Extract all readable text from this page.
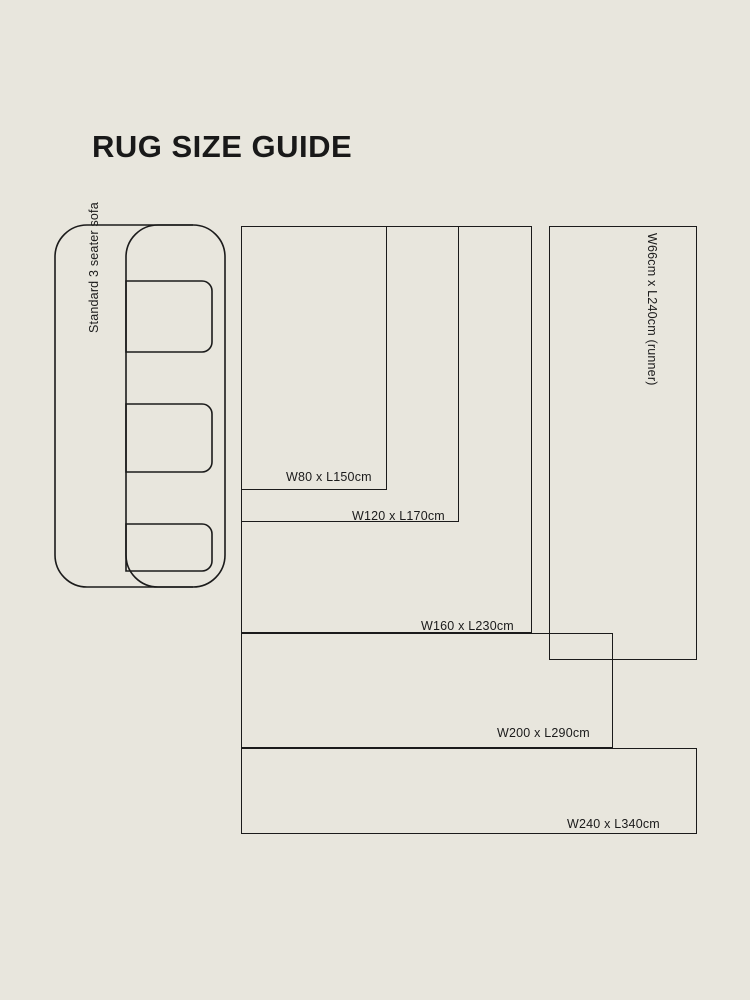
RUG SIZE GUIDE
Standard 3 seater sofa	W66cm x L240cm (runner)
W240 x L340cm
W200 x L290cm
W160 x L230cm
W120 x L170cm
W80 x L150cm
